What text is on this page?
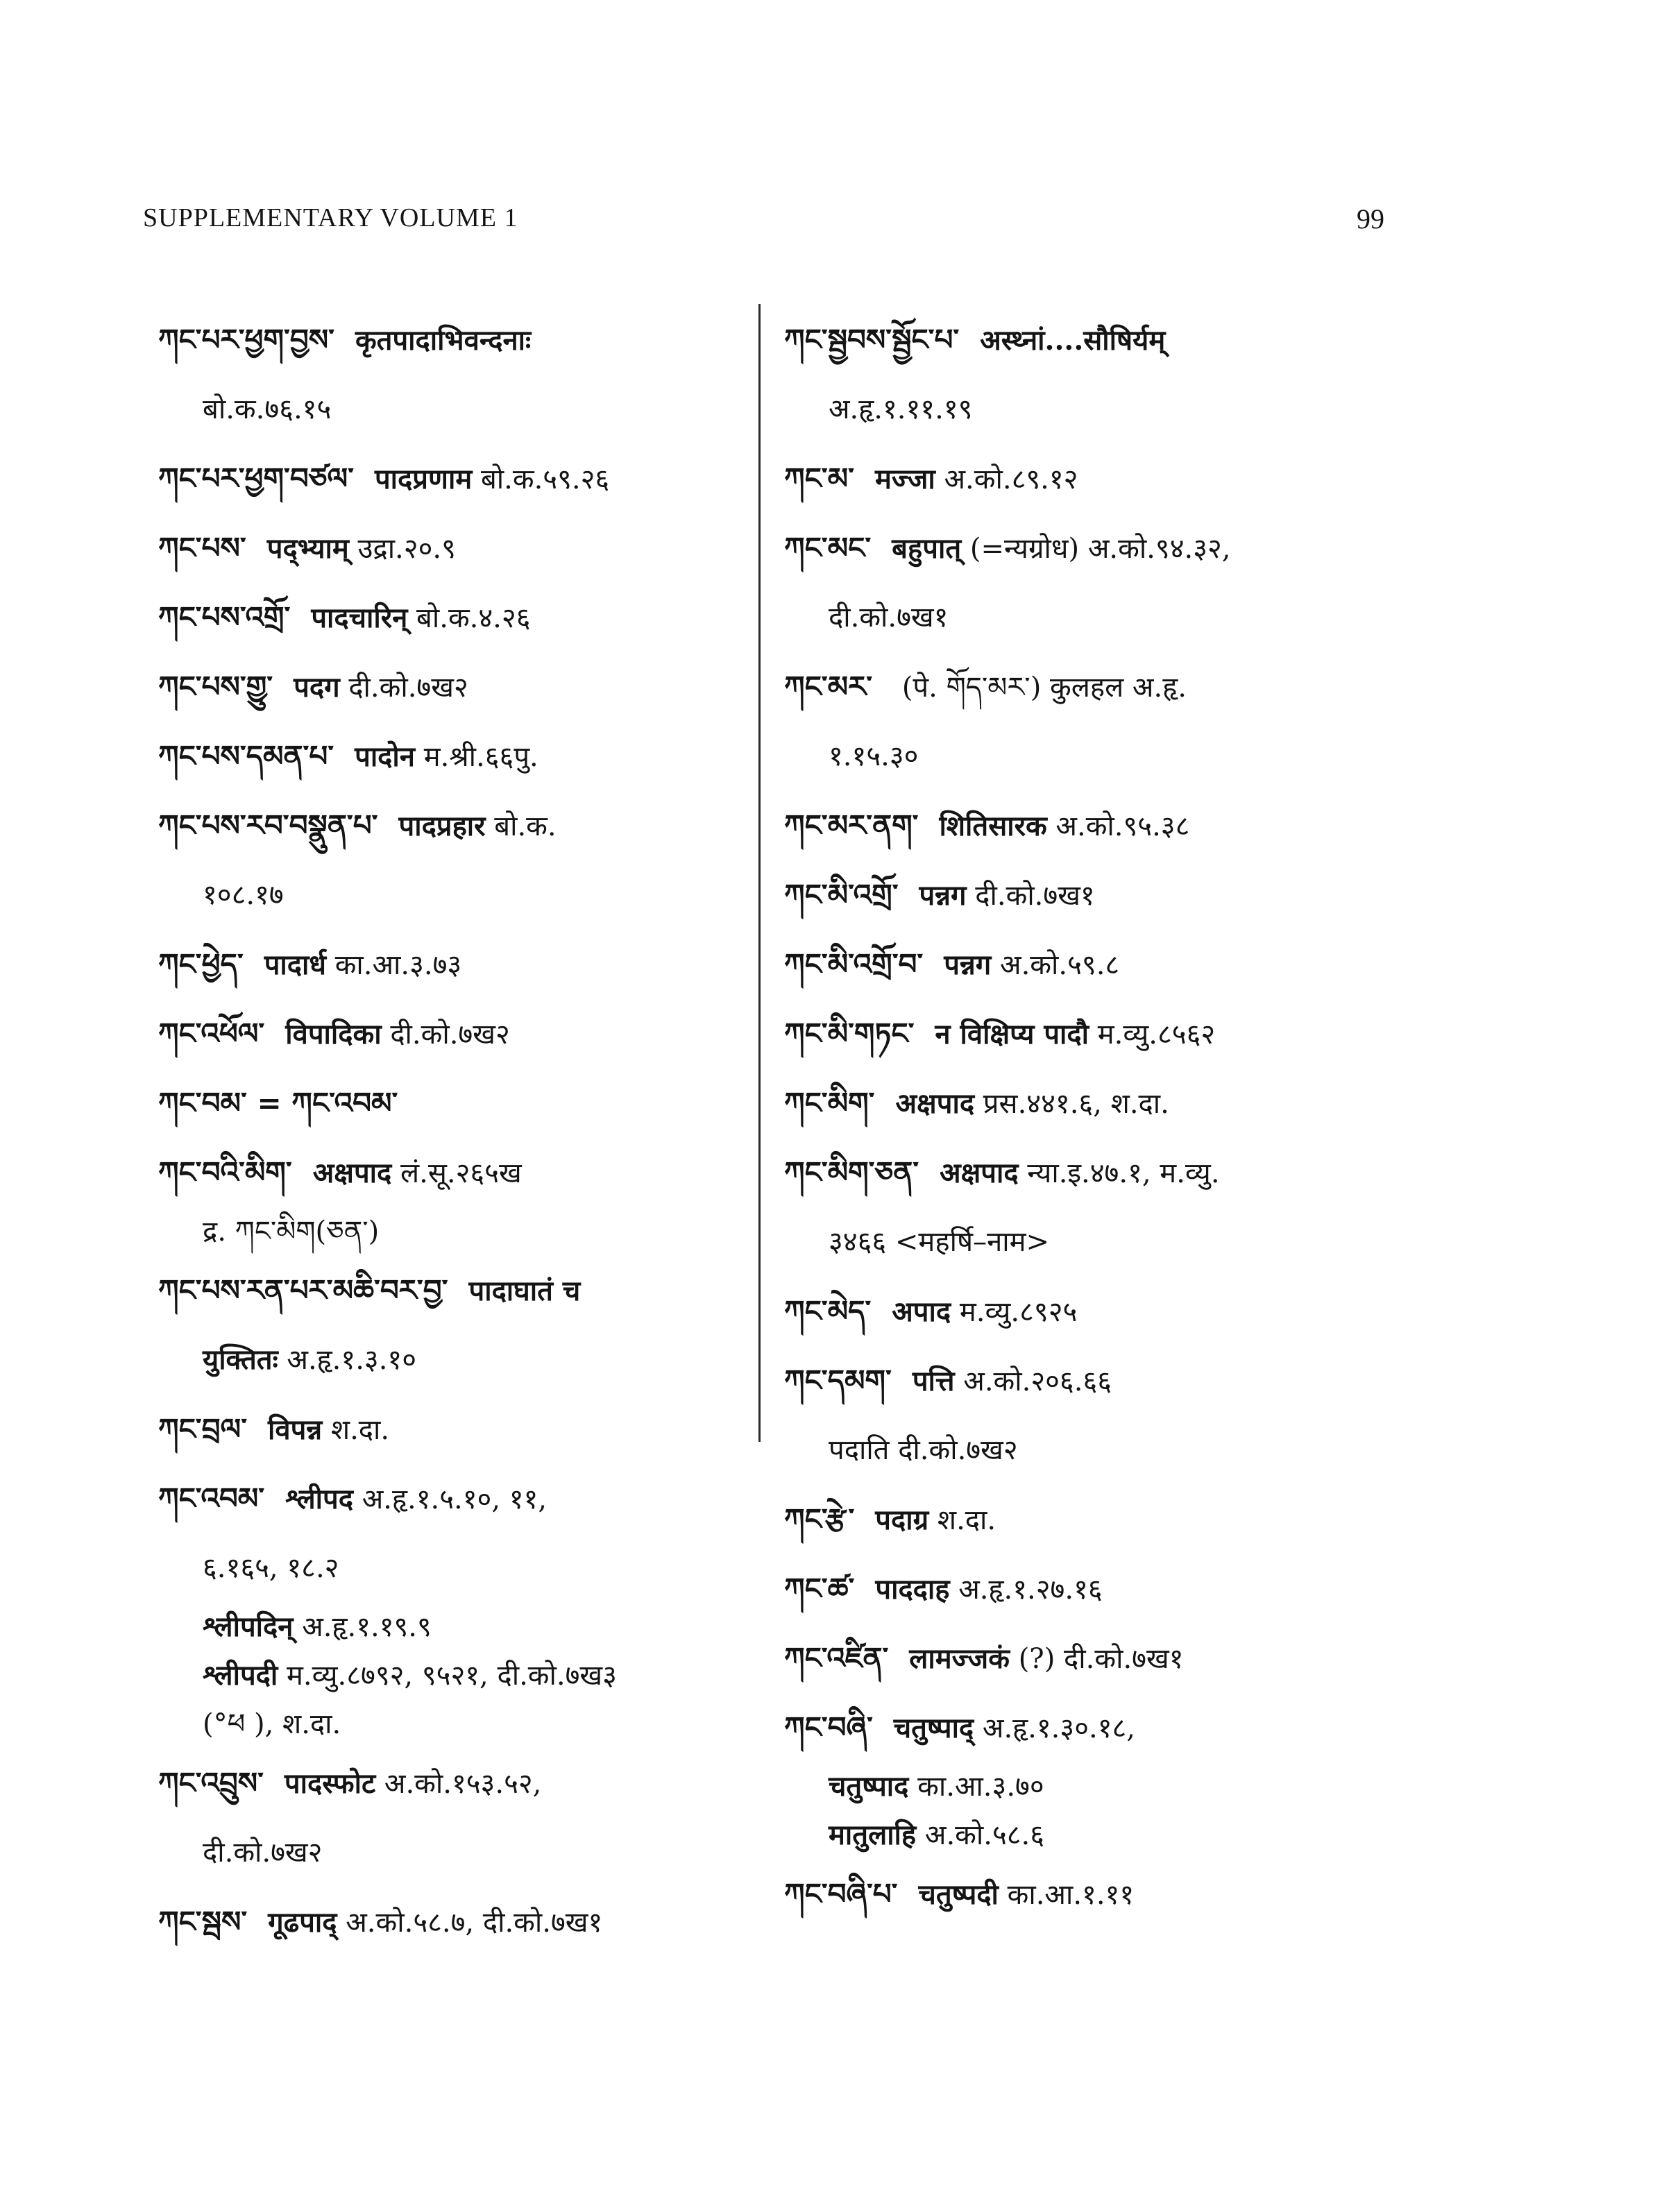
SUPPLEMENTARY VOLUME 1	99
ཀང་པར་ཕྱག་བྱས་ कृतपादाभिवन्दनाः
बो.क.७६.१५
ཀང་པར་ཕྱག་བཙལ་ पादप्रणाम बो.क.५९.२६
ཀང་པས་ पद्भ्याम् उद्रा.२०.९
ཀང་པས་འགྲོ་ पादचारिन् बो.क.४.२६
ཀང་པས་གྱུ་ पदग दी.को.७ख२
ཀང་པས་དམན་པ་ पादोन म.श्री.६६पु.
ཀང་པས་རབ་བསྣུན་པ་ पादप्रहार बो.क.
१०८.१७
ཀང་ཕྱེད་ पादार्ध का.आ.३.७३
ཀང་འཕོལ་ विपादिका दी.को.७ख२
ཀང་བམ་ = ཀང་འབམ་
ཀང་བའི་མིག་ अक्षपाद लं.सू.२६५ख
द्र. ཀང་མིག(ཅན་)
ཀང་པས་རན་པར་མཆི་བར་བྱ་ पादाघातं च
युक्तितः अ.हृ.१.३.१०
ཀང་བྲལ་ विपन्न श.दा.
ཀང་འབམ་ श्लीपद अ.हृ.१.५.१०, ११,
६.१६५, १८.२
श्लीपदिन् अ.हृ.१.१९.९
श्लीपदी म.व्यु.८७९२, ९५२१, दी.को.७ख३
(°ཕ ), श.दा.
ཀང་འབྲུས་ पादस्फोट अ.को.१५३.५२,
दी.को.७ख२
ཀང་སྦས་ गूढपाद् अ.को.५८.७, दी.को.७ख१
ཀང་སྦྱབས་སྦྱོང་པ་ अस्थ्नां....सौषिर्यम्
अ.हृ.१.११.१९
ཀང་མ་ मज्जा अ.को.८९.१२
ཀང་མང་ बहुपात् (=न्यग्रोध) अ.को.९४.३२,
दी.को.७ख१
ཀང་མར་ (पे. གོད་མར་) कुलहल अ.हृ.
१.१५.३०
ཀང་མར་ནག་ शितिसारक अ.को.९५.३८
ཀང་མི་འགྲོ་ पन्नग दी.को.७ख१
ཀང་མི་འགྲོ་བ་ पन्नग अ.को.५९.८
ཀང་མི་གཏང་ न विक्षिप्य पादौ म.व्यु.८५६२
ཀང་མིག་ अक्षपाद प्रस.४४१.६, श.दा.
ཀང་མིག་ཅན་ अक्षपाद न्या.इ.४७.१, म.व्यु.
३४६६ <महर्षि–नाम>
ཀང་མེད་ अपाद म.व्यु.८९२५
ཀང་དམག་ पत्ति अ.को.२०६.६६
पदाति दी.को.७ख२
ཀང་རྩེ་ पदाग्र श.दा.
ཀང་ཚ་ पाददाह अ.हृ.१.२७.१६
ཀང་འཛིན་ लामज्जकं (?) दी.को.७ख१
ཀང་བཞི་ चतुष्पाद् अ.हृ.१.३०.१८,
चतुष्पाद का.आ.३.७०
मातुलाहि अ.को.५८.६
ཀང་བཞི་པ་ चतुष्पदी का.आ.१.११
